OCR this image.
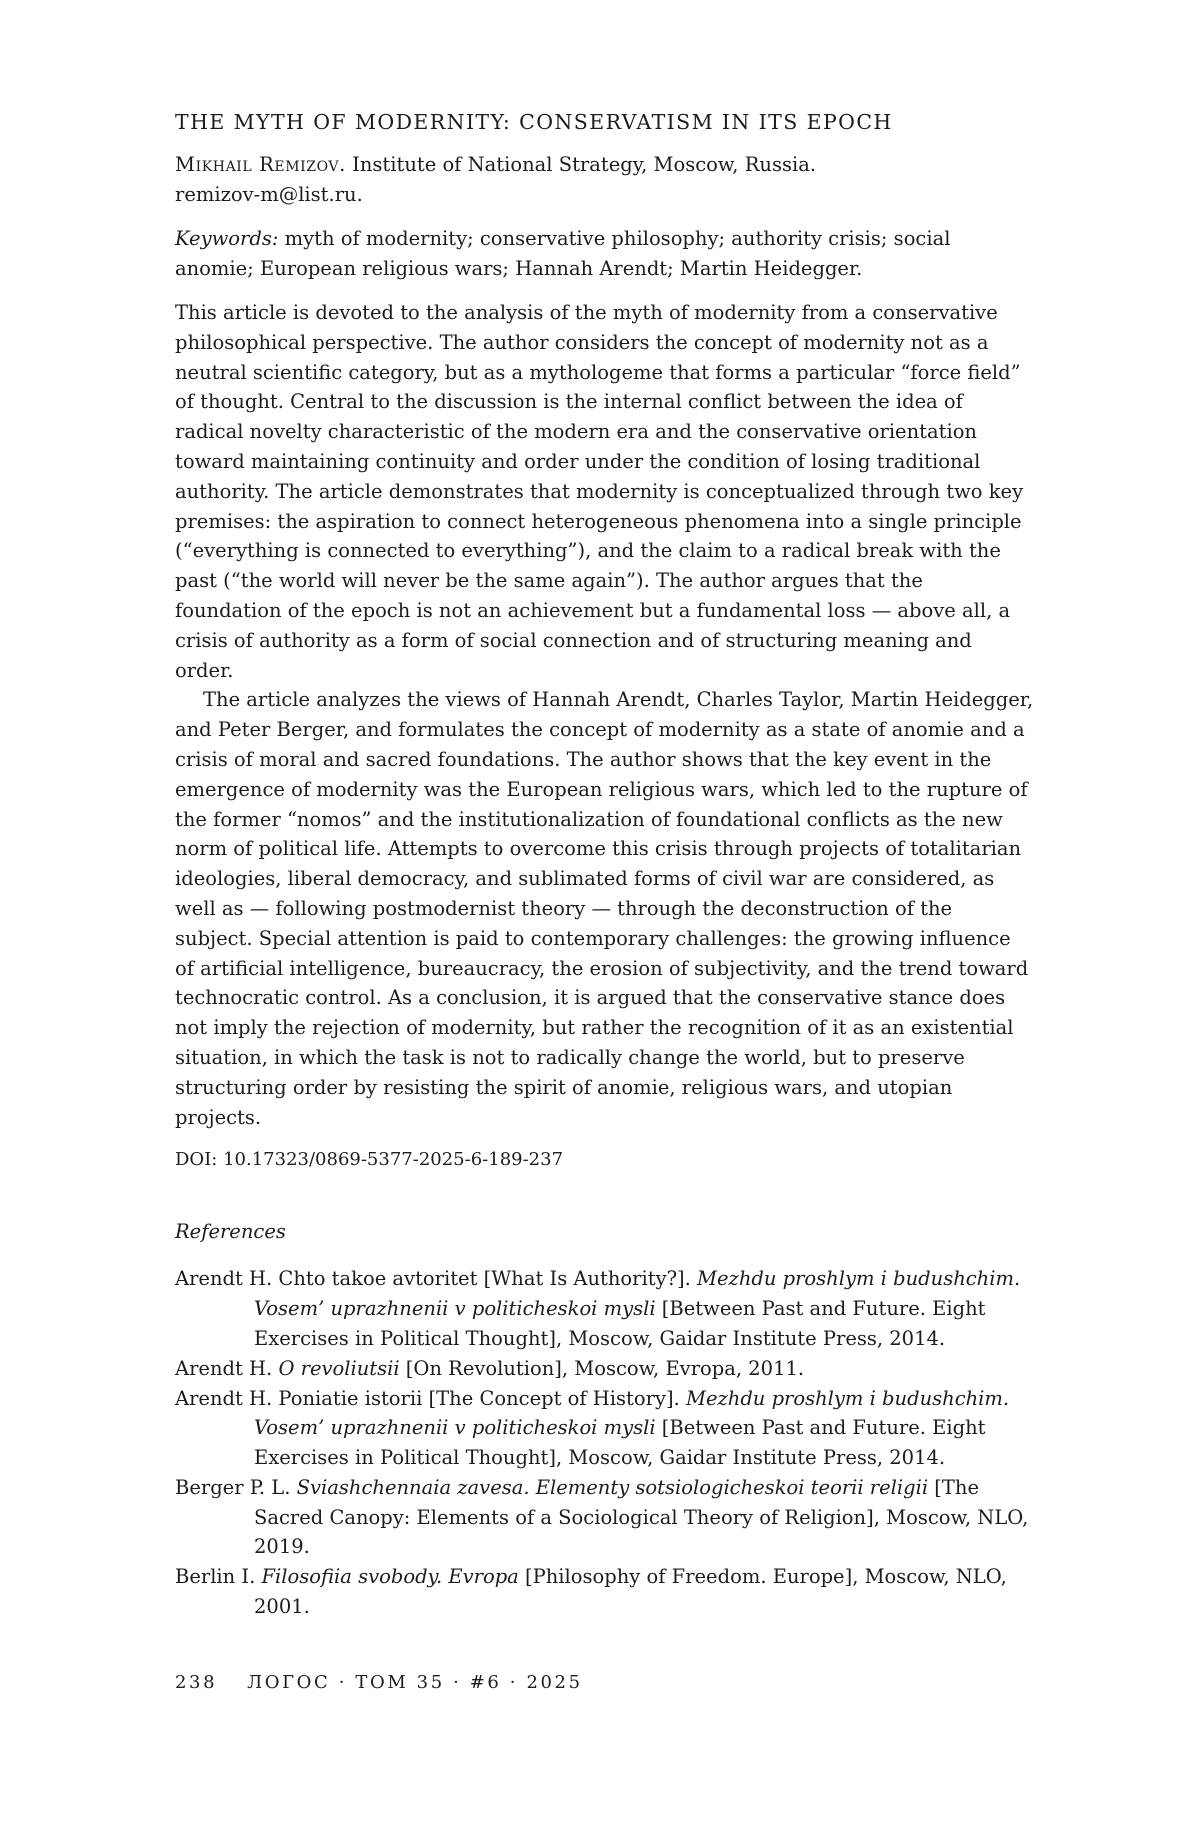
THE MYTH OF MODERNITY: CONSERVATISM IN ITS EPOCH
Mikhail Remizov. Institute of National Strategy, Moscow, Russia.
remizov-m@list.ru.
Keywords: myth of modernity; conservative philosophy; authority crisis; social anomie; European religious wars; Hannah Arendt; Martin Heidegger.

This article is devoted to the analysis of the myth of modernity from a conservative philosophical perspective. The author considers the concept of modernity not as a neutral scientific category, but as a mythologeme that forms a particular “force field” of thought. Central to the discussion is the internal conflict between the idea of radical novelty characteristic of the modern era and the conservative orientation toward maintaining continuity and order under the condition of losing traditional authority. The article demonstrates that modernity is conceptualized through two key premises: the aspiration to connect heterogeneous phenomena into a single principle (“everything is connected to everything”), and the claim to a radical break with the past (“the world will never be the same again”). The author argues that the foundation of the epoch is not an achievement but a fundamental loss — above all, a crisis of authority as a form of social connection and of structuring meaning and order.

The article analyzes the views of Hannah Arendt, Charles Taylor, Martin Heidegger, and Peter Berger, and formulates the concept of modernity as a state of anomie and a crisis of moral and sacred foundations. The author shows that the key event in the emergence of modernity was the European religious wars, which led to the rupture of the former “nomos” and the institutionalization of foundational conflicts as the new norm of political life. Attempts to overcome this crisis through projects of totalitarian ideologies, liberal democracy, and sublimated forms of civil war are considered, as well as — following postmodernist theory — through the deconstruction of the subject. Special attention is paid to contemporary challenges: the growing influence of artificial intelligence, bureaucracy, the erosion of subjectivity, and the trend toward technocratic control. As a conclusion, it is argued that the conservative stance does not imply the rejection of modernity, but rather the recognition of it as an existential situation, in which the task is not to radically change the world, but to preserve structuring order by resisting the spirit of anomie, religious wars, and utopian projects.

DOI: 10.17323/0869-5377-2025-6-189-237
References
Arendt H. Chto takoe avtoritet [What Is Authority?]. Mezhdu proshlym i budushchim. Vosem’ uprazhnenii v politicheskoi mysli [Between Past and Future. Eight Exercises in Political Thought], Moscow, Gaidar Institute Press, 2014.
Arendt H. O revoliutsii [On Revolution], Moscow, Evropa, 2011.
Arendt H. Poniatie istorii [The Concept of History]. Mezhdu proshlym i budushchim. Vosem’ uprazhnenii v politicheskoi mysli [Between Past and Future. Eight Exercises in Political Thought], Moscow, Gaidar Institute Press, 2014.
Berger P. L. Sviashchennaia zavesa. Elementy sotsiologicheskoi teorii religii [The Sacred Canopy: Elements of a Sociological Theory of Religion], Moscow, NLO, 2019.
Berlin I. Filosofiia svobody. Evropa [Philosophy of Freedom. Europe], Moscow, NLO, 2001.
238 ЛОГОС · ТОМ 35 · #6 · 2025
